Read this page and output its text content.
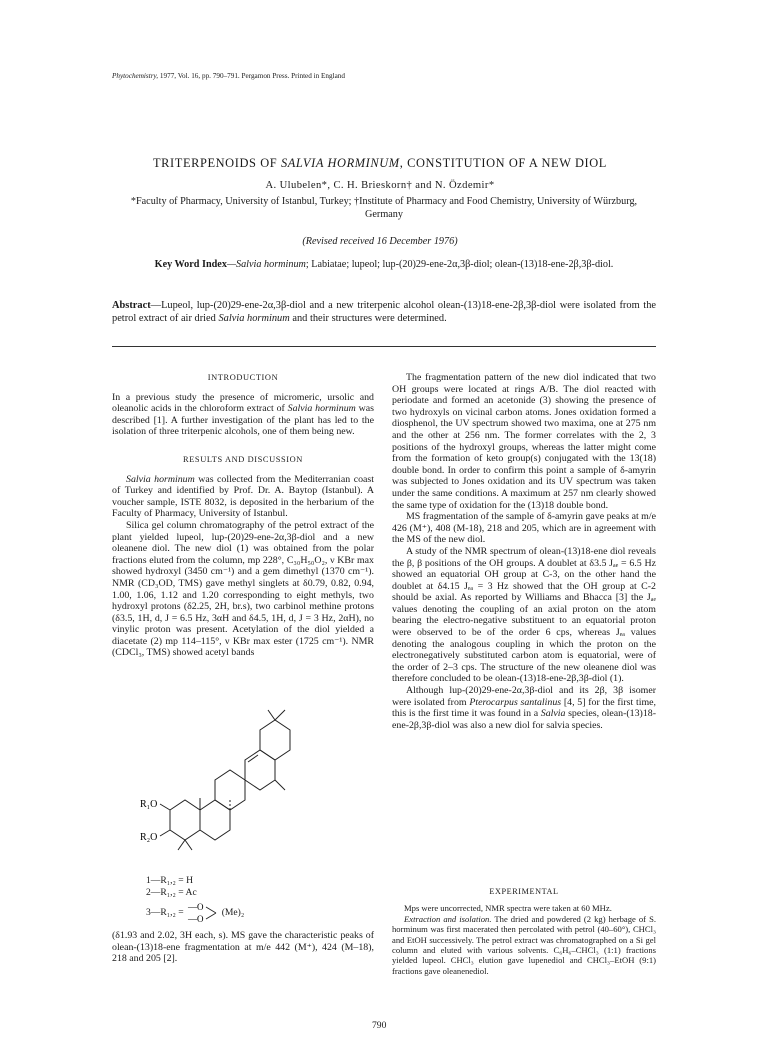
Phytochemistry, 1977, Vol. 16, pp. 790–791. Pergamon Press. Printed in England
TRITERPENOIDS OF SALVIA HORMINUM, CONSTITUTION OF A NEW DIOL
A. Ulubelen*, C. H. Brieskorn† and N. Özdemir*
*Faculty of Pharmacy, University of Istanbul, Turkey; †Institute of Pharmacy and Food Chemistry, University of Würzburg, Germany
(Revised received 16 December 1976)
Key Word Index—Salvia horminum; Labiatae; lupeol; lup-(20)29-ene-2α,3β-diol; olean-(13)18-ene-2β,3β-diol.
Abstract—Lupeol, lup-(20)29-ene-2α,3β-diol and a new triterpenic alcohol olean-(13)18-ene-2β,3β-diol were isolated from the petrol extract of air dried Salvia horminum and their structures were determined.
INTRODUCTION

In a previous study the presence of micromeric, ursolic and oleanolic acids in the chloroform extract of Salvia horminum was described [1]. A further investigation of the plant has led to the isolation of three triterpenic alcohols, one of them being new.

RESULTS AND DISCUSSION

Salvia horminum was collected from the Mediterranian coast of Turkey and identified by Prof. Dr. A. Baytop (Istanbul). A voucher sample, ISTE 8032, is deposited in the herbarium of the Faculty of Pharmacy, University of Istanbul.

Silica gel column chromatography of the petrol extract of the plant yielded lupeol, lup-(20)29-ene-2α,3β-diol and a new oleanene diol. The new diol (1) was obtained from the polar fractions eluted from the column, mp 228°, C₃₀H₅₀O₂, ν KBr max showed hydroxyl (3450 cm⁻¹) and a gem dimethyl (1370 cm⁻¹). NMR (CD₃OD, TMS) gave methyl singlets at δ0.79, 0.82, 0.94, 1.00, 1.06, 1.12 and 1.20 corresponding to eight methyls, two hydroxyl protons (δ2.25, 2H, br.s), two carbinol methine protons (δ3.5, 1H, d, J = 6.5 Hz, 3αH and δ4.5, 1H, d, J = 3 Hz, 2αH), no vinylic proton was present. Acetylation of the diol yielded a diacetate (2) mp 114–115°, ν KBr max ester (1725 cm⁻¹). NMR (CDCl₃, TMS) showed acetyl bands

R₁O
R₂O
1—R₁,₂ = H
2—R₁,₂ = Ac
3—R₁,₂ =
—O
—O
(Me)₂

(δ1.93 and 2.02, 3H each, s). MS gave the characteristic peaks of olean-(13)18-ene fragmentation at m/e 442 (M⁺), 424 (M–18), 218 and 205 [2].

The fragmentation pattern of the new diol indicated that two OH groups were located at rings A/B. The diol reacted with periodate and formed an acetonide (3) showing the presence of two hydroxyls on vicinal carbon atoms. Jones oxidation formed a diosphenol, the UV spectrum showed two maxima, one at 275 nm and the other at 256 nm. The former correlates with the 2, 3 positions of the hydroxyl groups, whereas the latter might come from the formation of keto group(s) conjugated with the 13(18) double bond. In order to confirm this point a sample of δ-amyrin was subjected to Jones oxidation and its UV spectrum was taken under the same conditions. A maximum at 257 nm clearly showed the same type of oxidation for the (13)18 double bond.

MS fragmentation of the sample of δ-amyrin gave peaks at m/e 426 (M⁺), 408 (M-18), 218 and 205, which are in agreement with the MS of the new diol.

A study of the NMR spectrum of olean-(13)18-ene diol reveals the β, β positions of the OH groups. A doublet at δ3.5 Jₐₑ = 6.5 Hz showed an equatorial OH group at C-3, on the other hand the doublet at δ4.15 Jₑₐ = 3 Hz showed that the OH group at C-2 should be axial. As reported by Williams and Bhacca [3] the Jₐₑ values denoting the coupling of an axial proton on the atom bearing the electro-negative substituent to an equatorial proton were observed to be of the order 6 cps, whereas Jₑₐ values denoting the analogous coupling in which the proton on the electronegatively substituted carbon atom is equatorial, were of the order of 2–3 cps. The structure of the new oleanene diol was therefore concluded to be olean-(13)18-ene-2β,3β-diol (1).

Although lup-(20)29-ene-2α,3β-diol and its 2β, 3β isomer were isolated from Pterocarpus santalinus [4, 5] for the first time, this is the first time it was found in a Salvia species, olean-(13)18-ene-2β,3β-diol was also a new diol for salvia species.

EXPERIMENTAL

Mps were uncorrected, NMR spectra were taken at 60 MHz.

Extraction and isolation. The dried and powdered (2 kg) herbage of S. horminum was first macerated then percolated with petrol (40–60°), CHCl₃ and EtOH successively. The petrol extract was chromatographed on a Si gel column and eluted with various solvents. C₆H₆–CHCl₃ (1:1) fractions yielded lupeol. CHCl₃ elution gave lupenediol and CHCl₃–EtOH (9:1) fractions gave oleanenediol.

790
